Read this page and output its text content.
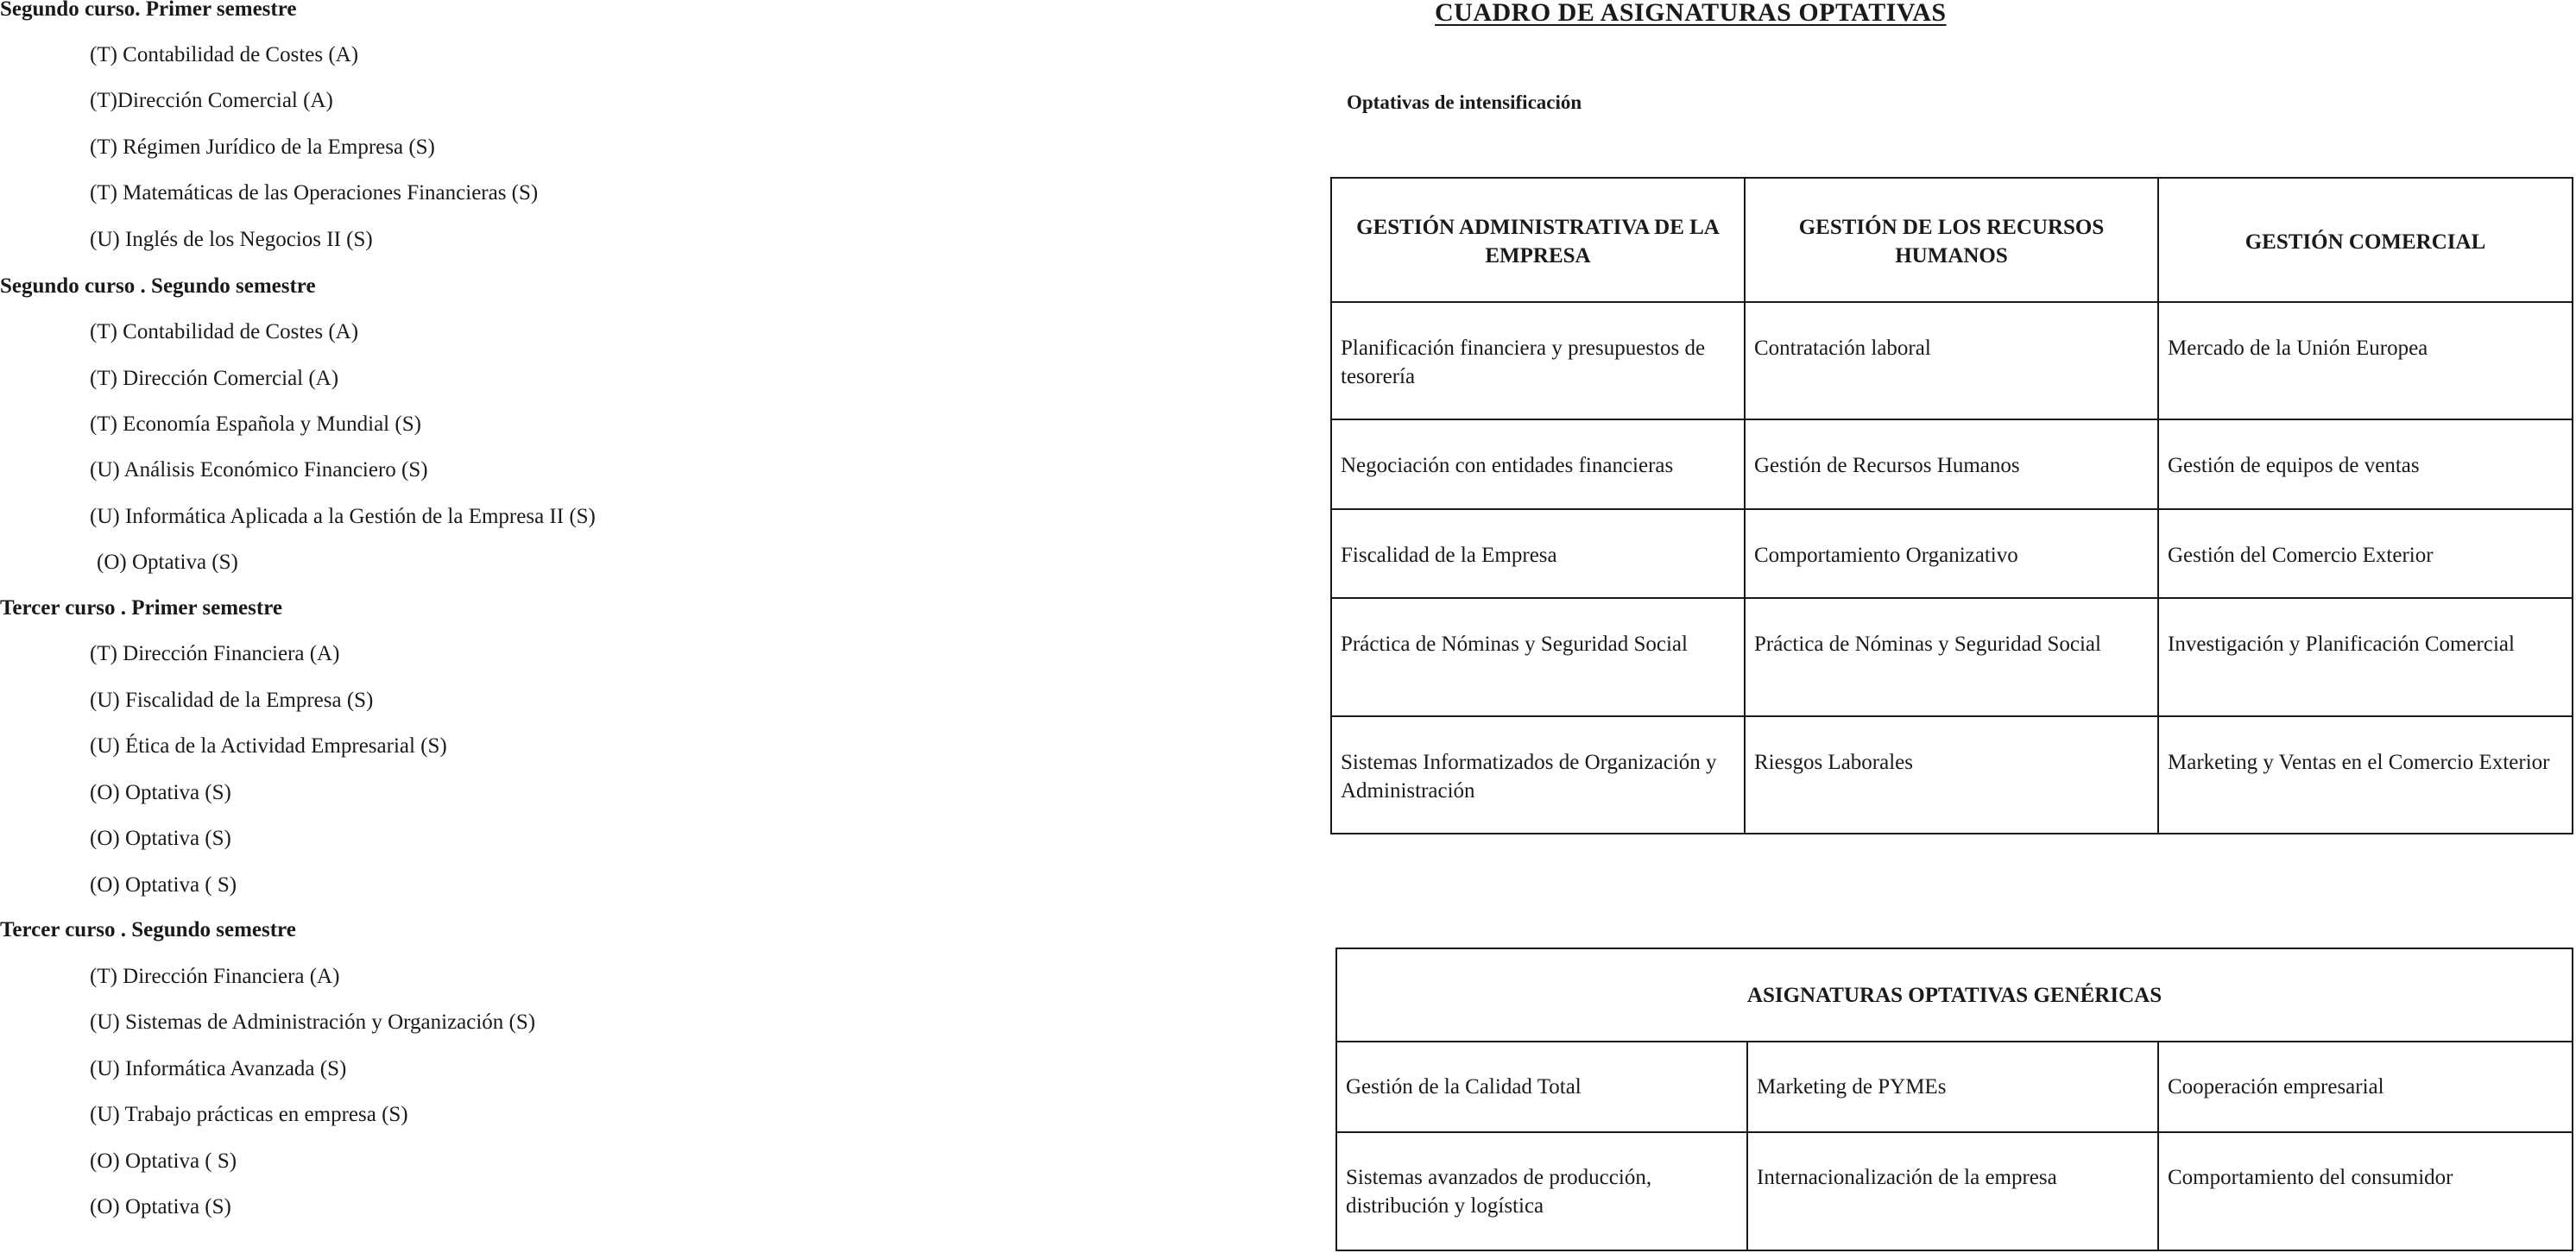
Segundo curso. Primer semestre
(T) Contabilidad de Costes (A)
(T)Dirección Comercial (A)
(T) Régimen Jurídico de la Empresa (S)
(T) Matemáticas de las Operaciones Financieras (S)
(U) Inglés de los Negocios II (S)
Segundo curso . Segundo semestre
(T) Contabilidad de Costes (A)
(T) Dirección Comercial (A)
(T) Economía Española y Mundial (S)
(U) Análisis Económico Financiero (S)
(U) Informática Aplicada a la Gestión de la Empresa II (S)
(O) Optativa (S)
Tercer curso . Primer semestre
(T) Dirección Financiera (A)
(U) Fiscalidad de la Empresa (S)
(U) Ética de la Actividad Empresarial (S)
(O) Optativa (S)
(O) Optativa (S)
(O) Optativa ( S)
Tercer curso . Segundo semestre
(T) Dirección Financiera (A)
(U) Sistemas de Administración y Organización (S)
(U) Informática Avanzada (S)
(U) Trabajo prácticas en empresa (S)
(O) Optativa ( S)
(O) Optativa (S)
CUADRO DE ASIGNATURAS OPTATIVAS
Optativas de intensificación
GESTIÓN ADMINISTRATIVA DE LA EMPRESA	GESTIÓN DE LOS RECURSOS HUMANOS	GESTIÓN COMERCIAL
Planificación financiera y presupuestos de tesorería	Contratación laboral	Mercado de la Unión Europea
Negociación con entidades financieras	Gestión de Recursos Humanos	Gestión de equipos de ventas
Fiscalidad de la Empresa	Comportamiento Organizativo	Gestión del Comercio Exterior
Práctica de Nóminas y Seguridad Social	Práctica de Nóminas y Seguridad Social	Investigación y Planificación Comercial
Sistemas Informatizados de Organización y Administración	Riesgos Laborales	Marketing y Ventas en el Comercio Exterior
ASIGNATURAS OPTATIVAS GENÉRICAS		
Gestión de la Calidad Total	Marketing de PYMEs	Cooperación empresarial
Sistemas avanzados de producción, distribución y logística	Internacionalización de la empresa	Comportamiento del consumidor
